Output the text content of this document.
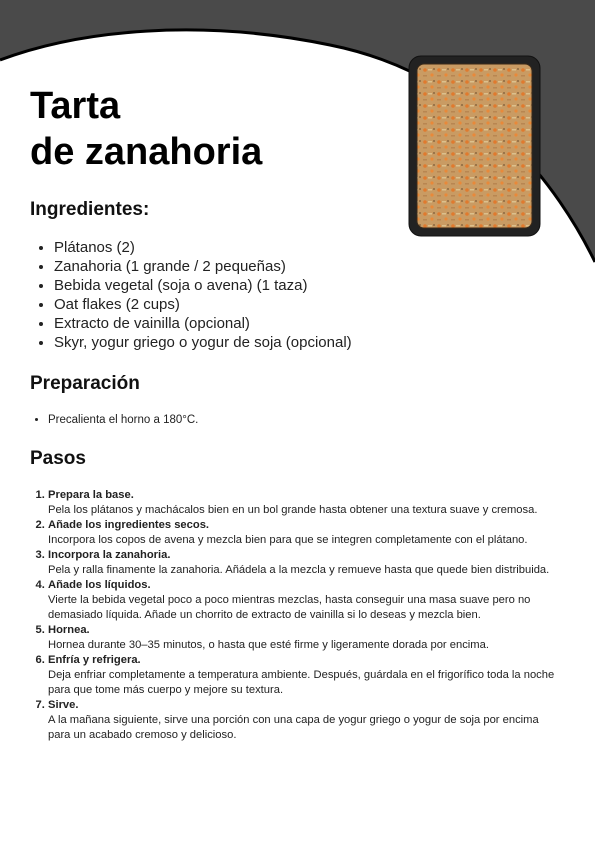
Tarta
de zanahoria
Ingredientes:
• Plátanos (2)
• Zanahoria (1 grande / 2 pequeñas)
• Bebida vegetal (soja o avena) (1 taza)
• Oat flakes (2 cups)
• Extracto de vainilla (opcional)
• Skyr, yogur griego o yogur de soja (opcional)
Preparación
• Precalienta el horno a 180°C.
Pasos
1. Prepara la base.
Pela los plátanos y machácalos bien en un bol grande hasta obtener una textura suave y cremosa.
2. Añade los ingredientes secos.
Incorpora los copos de avena y mezcla bien para que se integren completamente con el plátano.
3. Incorpora la zanahoria.
Pela y ralla finamente la zanahoria. Añádela a la mezcla y remueve hasta que quede bien distribuida.
4. Añade los líquidos.
Vierte la bebida vegetal poco a poco mientras mezclas, hasta conseguir una masa suave pero no demasiado líquida. Añade un chorrito de extracto de vainilla si lo deseas y mezcla bien.
5. Hornea.
Hornea durante 30–35 minutos, o hasta que esté firme y ligeramente dorada por encima.
6. Enfría y refrigera.
Deja enfriar completamente a temperatura ambiente. Después, guárdala en el frigorífico toda la noche para que tome más cuerpo y mejore su textura.
7. Sirve.
A la mañana siguiente, sirve una porción con una capa de yogur griego o yogur de soja por encima para un acabado cremoso y delicioso.
